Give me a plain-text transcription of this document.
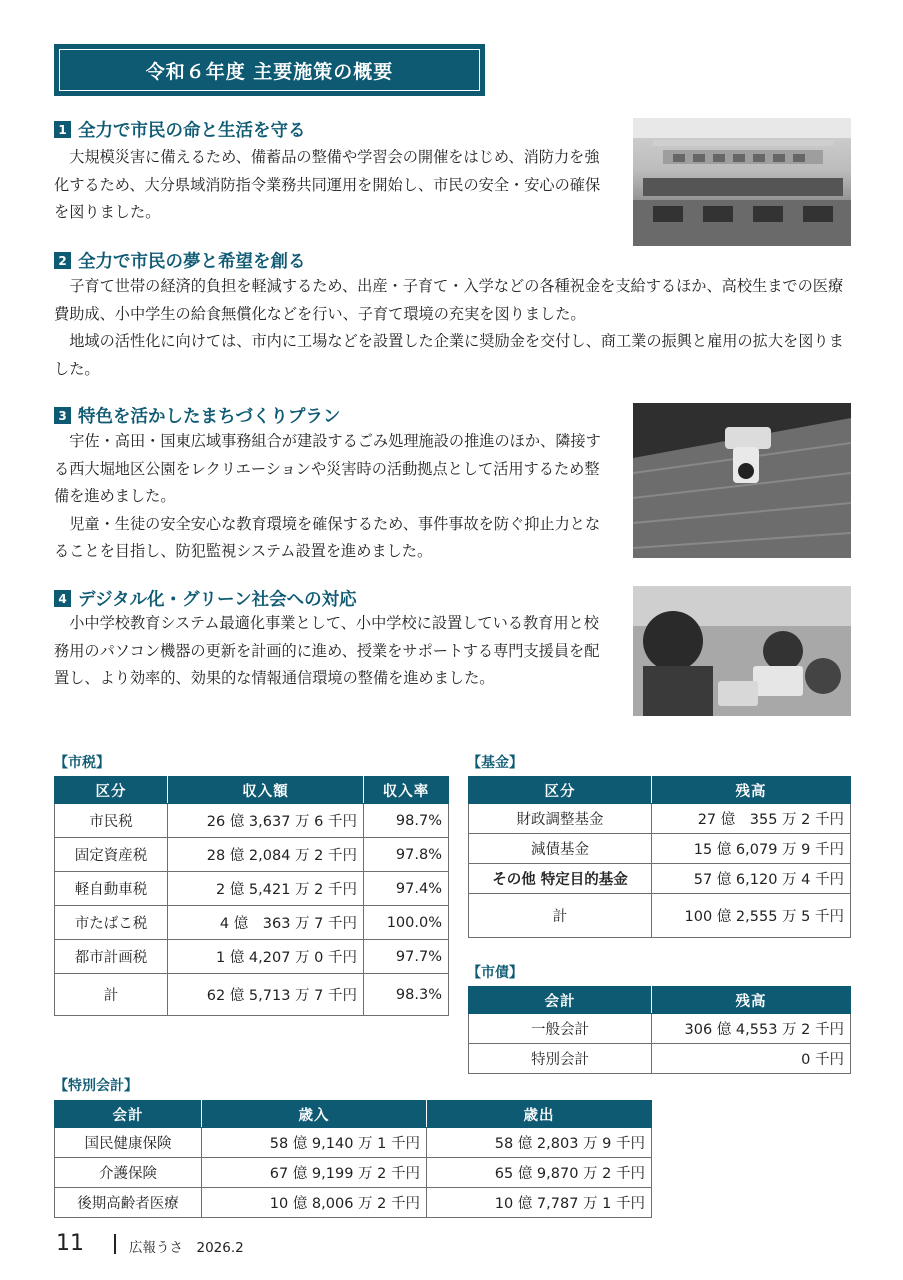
令和６年度 主要施策の概要
1 全力で市民の命と生活を守る

大規模災害に備えるため、備蓄品の整備や学習会の開催をはじめ、消防力を強化するため、大分県域消防指令業務共同運用を開始し、市民の安全・安心の確保を図りました。

2 全力で市民の夢と希望を創る

子育て世帯の経済的負担を軽減するため、出産・子育て・入学などの各種祝金を支給するほか、高校生までの医療費助成、小中学生の給食無償化などを行い、子育て環境の充実を図りました。

地域の活性化に向けては、市内に工場などを設置した企業に奨励金を交付し、商工業の振興と雇用の拡大を図りました。

3 特色を活かしたまちづくりプラン

宇佐・高田・国東広域事務組合が建設するごみ処理施設の推進のほか、隣接する西大堀地区公園をレクリエーションや災害時の活動拠点として活用するため整備を進めました。

児童・生徒の安全安心な教育環境を確保するため、事件事故を防ぐ抑止力となることを目指し、防犯監視システム設置を進めました。

4 デジタル化・グリーン社会への対応

小中学校教育システム最適化事業として、小中学校に設置している教育用と校務用のパソコン機器の更新を計画的に進め、授業をサポートする専門支援員を配置し、より効率的、効果的な情報通信環境の整備を進めました。

【市税】
区分	収入額	収入率
市民税	26 億 3,637 万 6 千円	98.7%
固定資産税	28 億 2,084 万 2 千円	97.8%
軽自動車税	2 億 5,421 万 2 千円	97.4%
市たばこ税	4 億　363 万 7 千円	100.0%
都市計画税	1 億 4,207 万 0 千円	97.7%
計	62 億 5,713 万 7 千円	98.3%
【基金】
区分	残高
財政調整基金	27 億　355 万 2 千円
減債基金	15 億 6,079 万 9 千円
その他 特定目的基金	57 億 6,120 万 4 千円
計	100 億 2,555 万 5 千円
【市債】
会計	残高
一般会計	306 億 4,553 万 2 千円
特別会計	0 千円
【特別会計】
会計	歳入	歳出
国民健康保険	58 億 9,140 万 1 千円	58 億 2,803 万 9 千円
介護保険	67 億 9,199 万 2 千円	65 億 9,870 万 2 千円
後期高齢者医療	10 億 8,006 万 2 千円	10 億 7,787 万 1 千円
11	広報うさ　2026.2
